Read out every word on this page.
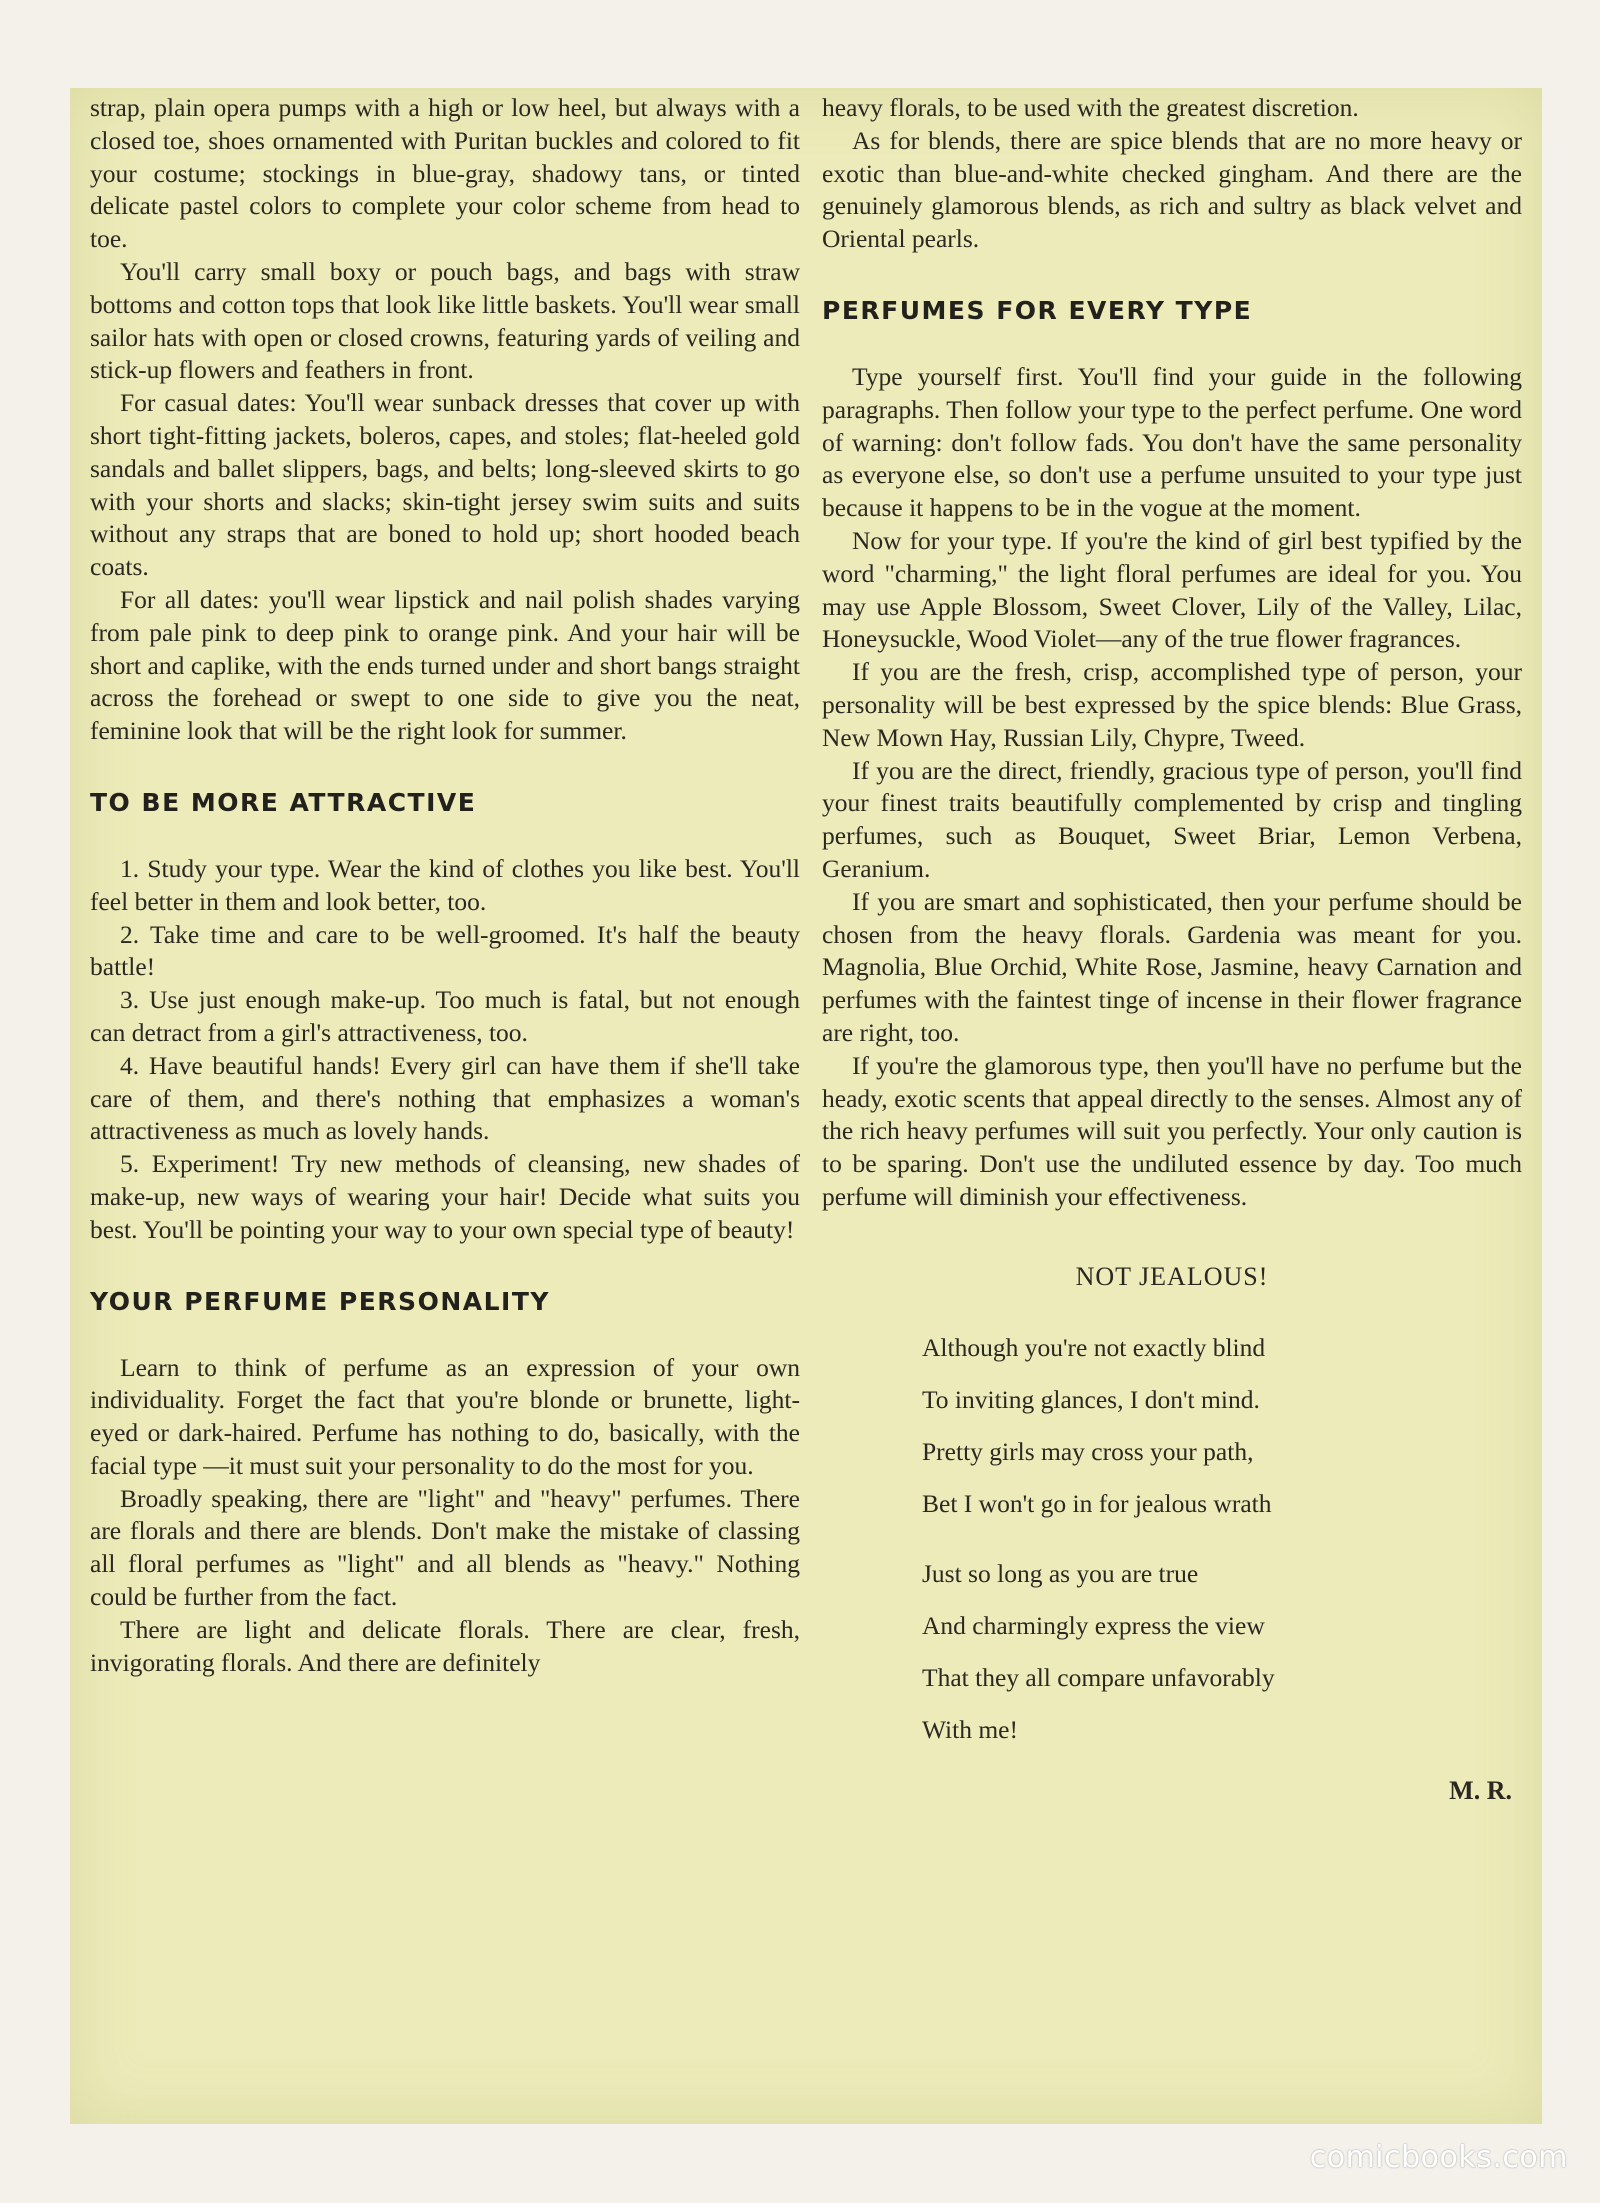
strap, plain opera pumps with a high or low heel, but always with a closed toe, shoes ornamented with Puritan buckles and colored to fit your costume; stockings in blue-gray, shadowy tans, or tinted delicate pastel colors to complete your color scheme from head to toe.

You'll carry small boxy or pouch bags, and bags with straw bottoms and cotton tops that look like little baskets. You'll wear small sailor hats with open or closed crowns, featuring yards of veiling and stick-up flowers and feathers in front.

For casual dates: You'll wear sunback dresses that cover up with short tight-fitting jackets, boleros, capes, and stoles; flat-heeled gold sandals and ballet slippers, bags, and belts; long-sleeved skirts to go with your shorts and slacks; skin-tight jersey swim suits and suits without any straps that are boned to hold up; short hooded beach coats.

For all dates: you'll wear lipstick and nail polish shades varying from pale pink to deep pink to orange pink. And your hair will be short and caplike, with the ends turned under and short bangs straight across the forehead or swept to one side to give you the neat, feminine look that will be the right look for summer.

TO BE MORE ATTRACTIVE

1. Study your type. Wear the kind of clothes you like best. You'll feel better in them and look better, too.

2. Take time and care to be well-groomed. It's half the beauty battle!

3. Use just enough make-up. Too much is fatal, but not enough can detract from a girl's attractiveness, too.

4. Have beautiful hands! Every girl can have them if she'll take care of them, and there's nothing that emphasizes a woman's attractiveness as much as lovely hands.

5. Experiment! Try new methods of cleansing, new shades of make-up, new ways of wearing your hair! Decide what suits you best. You'll be pointing your way to your own special type of beauty!

YOUR PERFUME PERSONALITY

Learn to think of perfume as an expression of your own individuality. Forget the fact that you're blonde or brunette, light-eyed or dark-haired. Perfume has nothing to do, basically, with the facial type —it must suit your personality to do the most for you.

Broadly speaking, there are "light" and "heavy" perfumes. There are florals and there are blends. Don't make the mistake of classing all floral perfumes as "light" and all blends as "heavy." Nothing could be further from the fact.

There are light and delicate florals. There are clear, fresh, invigorating florals. And there are definitely

heavy florals, to be used with the greatest discretion.

As for blends, there are spice blends that are no more heavy or exotic than blue-and-white checked gingham. And there are the genuinely glamorous blends, as rich and sultry as black velvet and Oriental pearls.

PERFUMES FOR EVERY TYPE

Type yourself first. You'll find your guide in the following paragraphs. Then follow your type to the perfect perfume. One word of warning: don't follow fads. You don't have the same personality as everyone else, so don't use a perfume unsuited to your type just because it happens to be in the vogue at the moment.

Now for your type. If you're the kind of girl best typified by the word "charming," the light floral perfumes are ideal for you. You may use Apple Blossom, Sweet Clover, Lily of the Valley, Lilac, Honeysuckle, Wood Violet—any of the true flower fragrances.

If you are the fresh, crisp, accomplished type of person, your personality will be best expressed by the spice blends: Blue Grass, New Mown Hay, Russian Lily, Chypre, Tweed.

If you are the direct, friendly, gracious type of person, you'll find your finest traits beautifully complemented by crisp and tingling perfumes, such as Bouquet, Sweet Briar, Lemon Verbena, Geranium.

If you are smart and sophisticated, then your perfume should be chosen from the heavy florals. Gardenia was meant for you. Magnolia, Blue Orchid, White Rose, Jasmine, heavy Carnation and perfumes with the faintest tinge of incense in their flower fragrance are right, too.

If you're the glamorous type, then you'll have no perfume but the heady, exotic scents that appeal directly to the senses. Almost any of the rich heavy perfumes will suit you perfectly. Your only caution is to be sparing. Don't use the undiluted essence by day. Too much perfume will diminish your effectiveness.

NOT JEALOUS!
Although you're not exactly blind
To inviting glances, I don't mind.
Pretty girls may cross your path,
Bet I won't go in for jealous wrath
Just so long as you are true
And charmingly express the view
That they all compare unfavorably
With me!
M. R.
comicbooks.com
